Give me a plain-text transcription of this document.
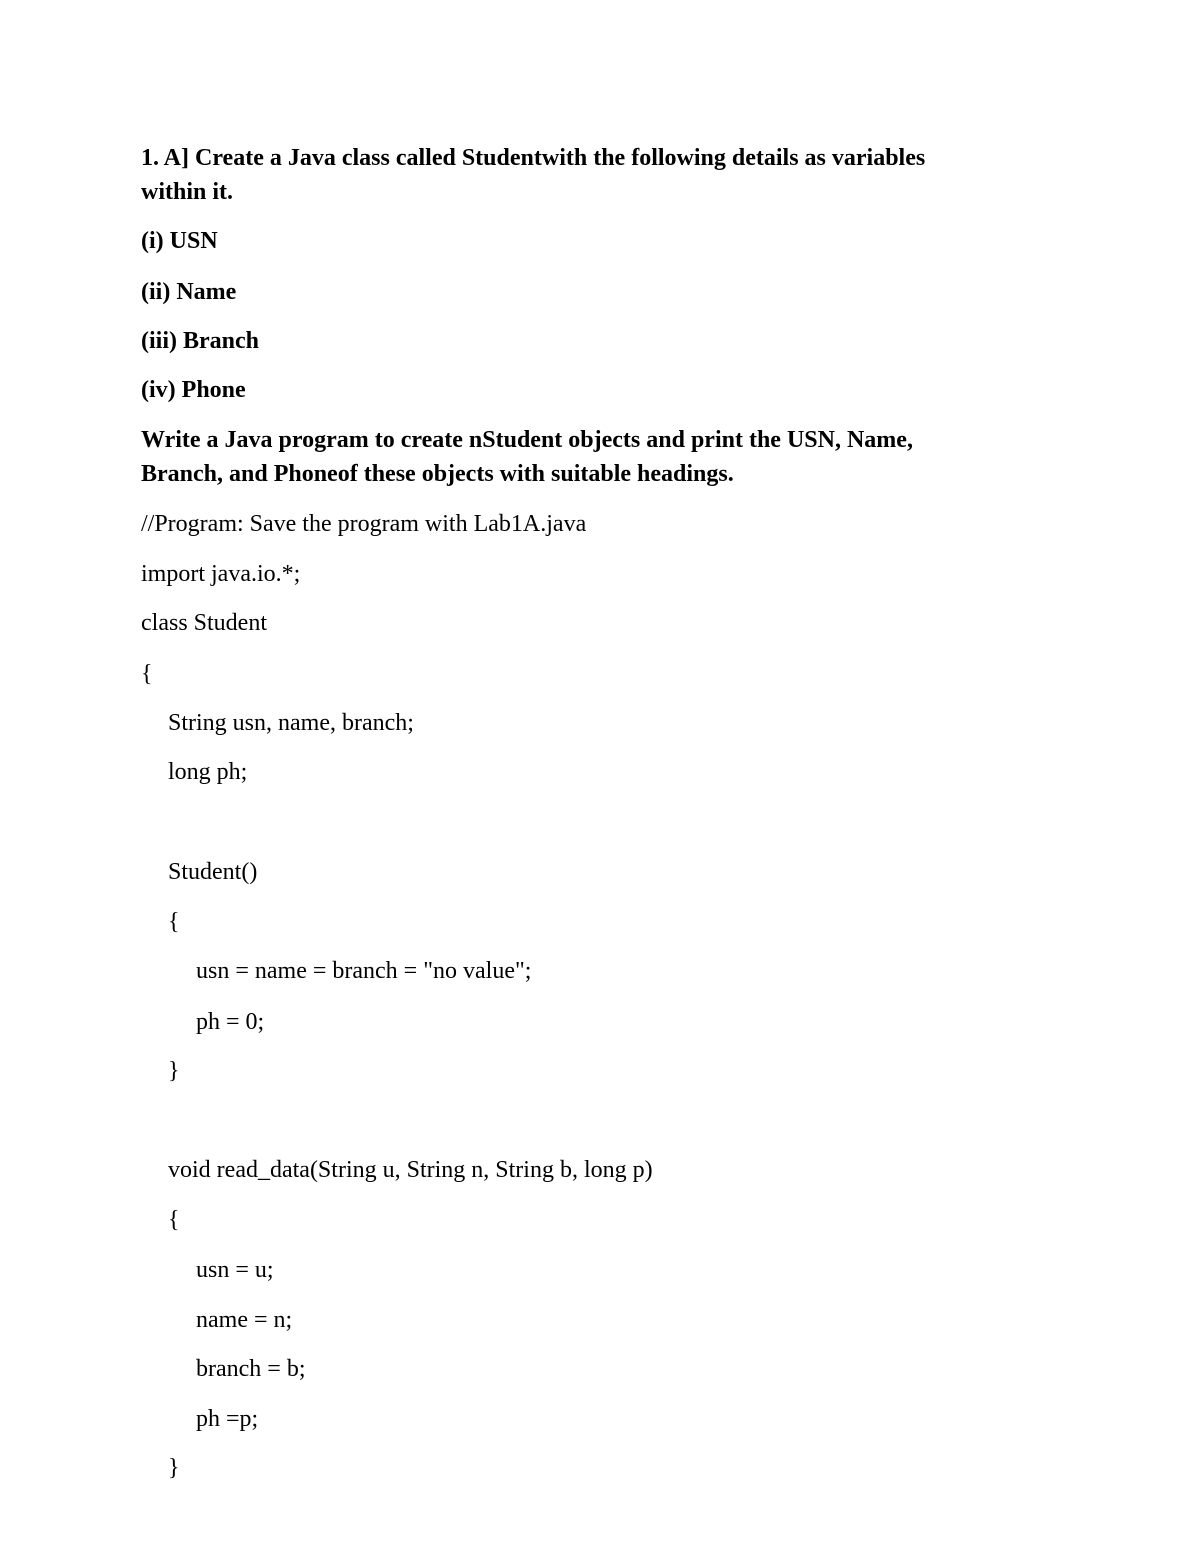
1. A] Create a Java class called Studentwith the following details as variables
within it.
(i) USN
(ii) Name
(iii) Branch
(iv) Phone
Write a Java program to create nStudent objects and print the USN, Name,
Branch, and Phoneof these objects with suitable headings.
//Program: Save the program with Lab1A.java
import java.io.*;
class Student
{
String usn, name, branch;
long ph;
Student()
{
usn = name = branch = "no value";
ph = 0;
}
void read_data(String u, String n, String b, long p)
{
usn = u;
name = n;
branch = b;
ph =p;
}
